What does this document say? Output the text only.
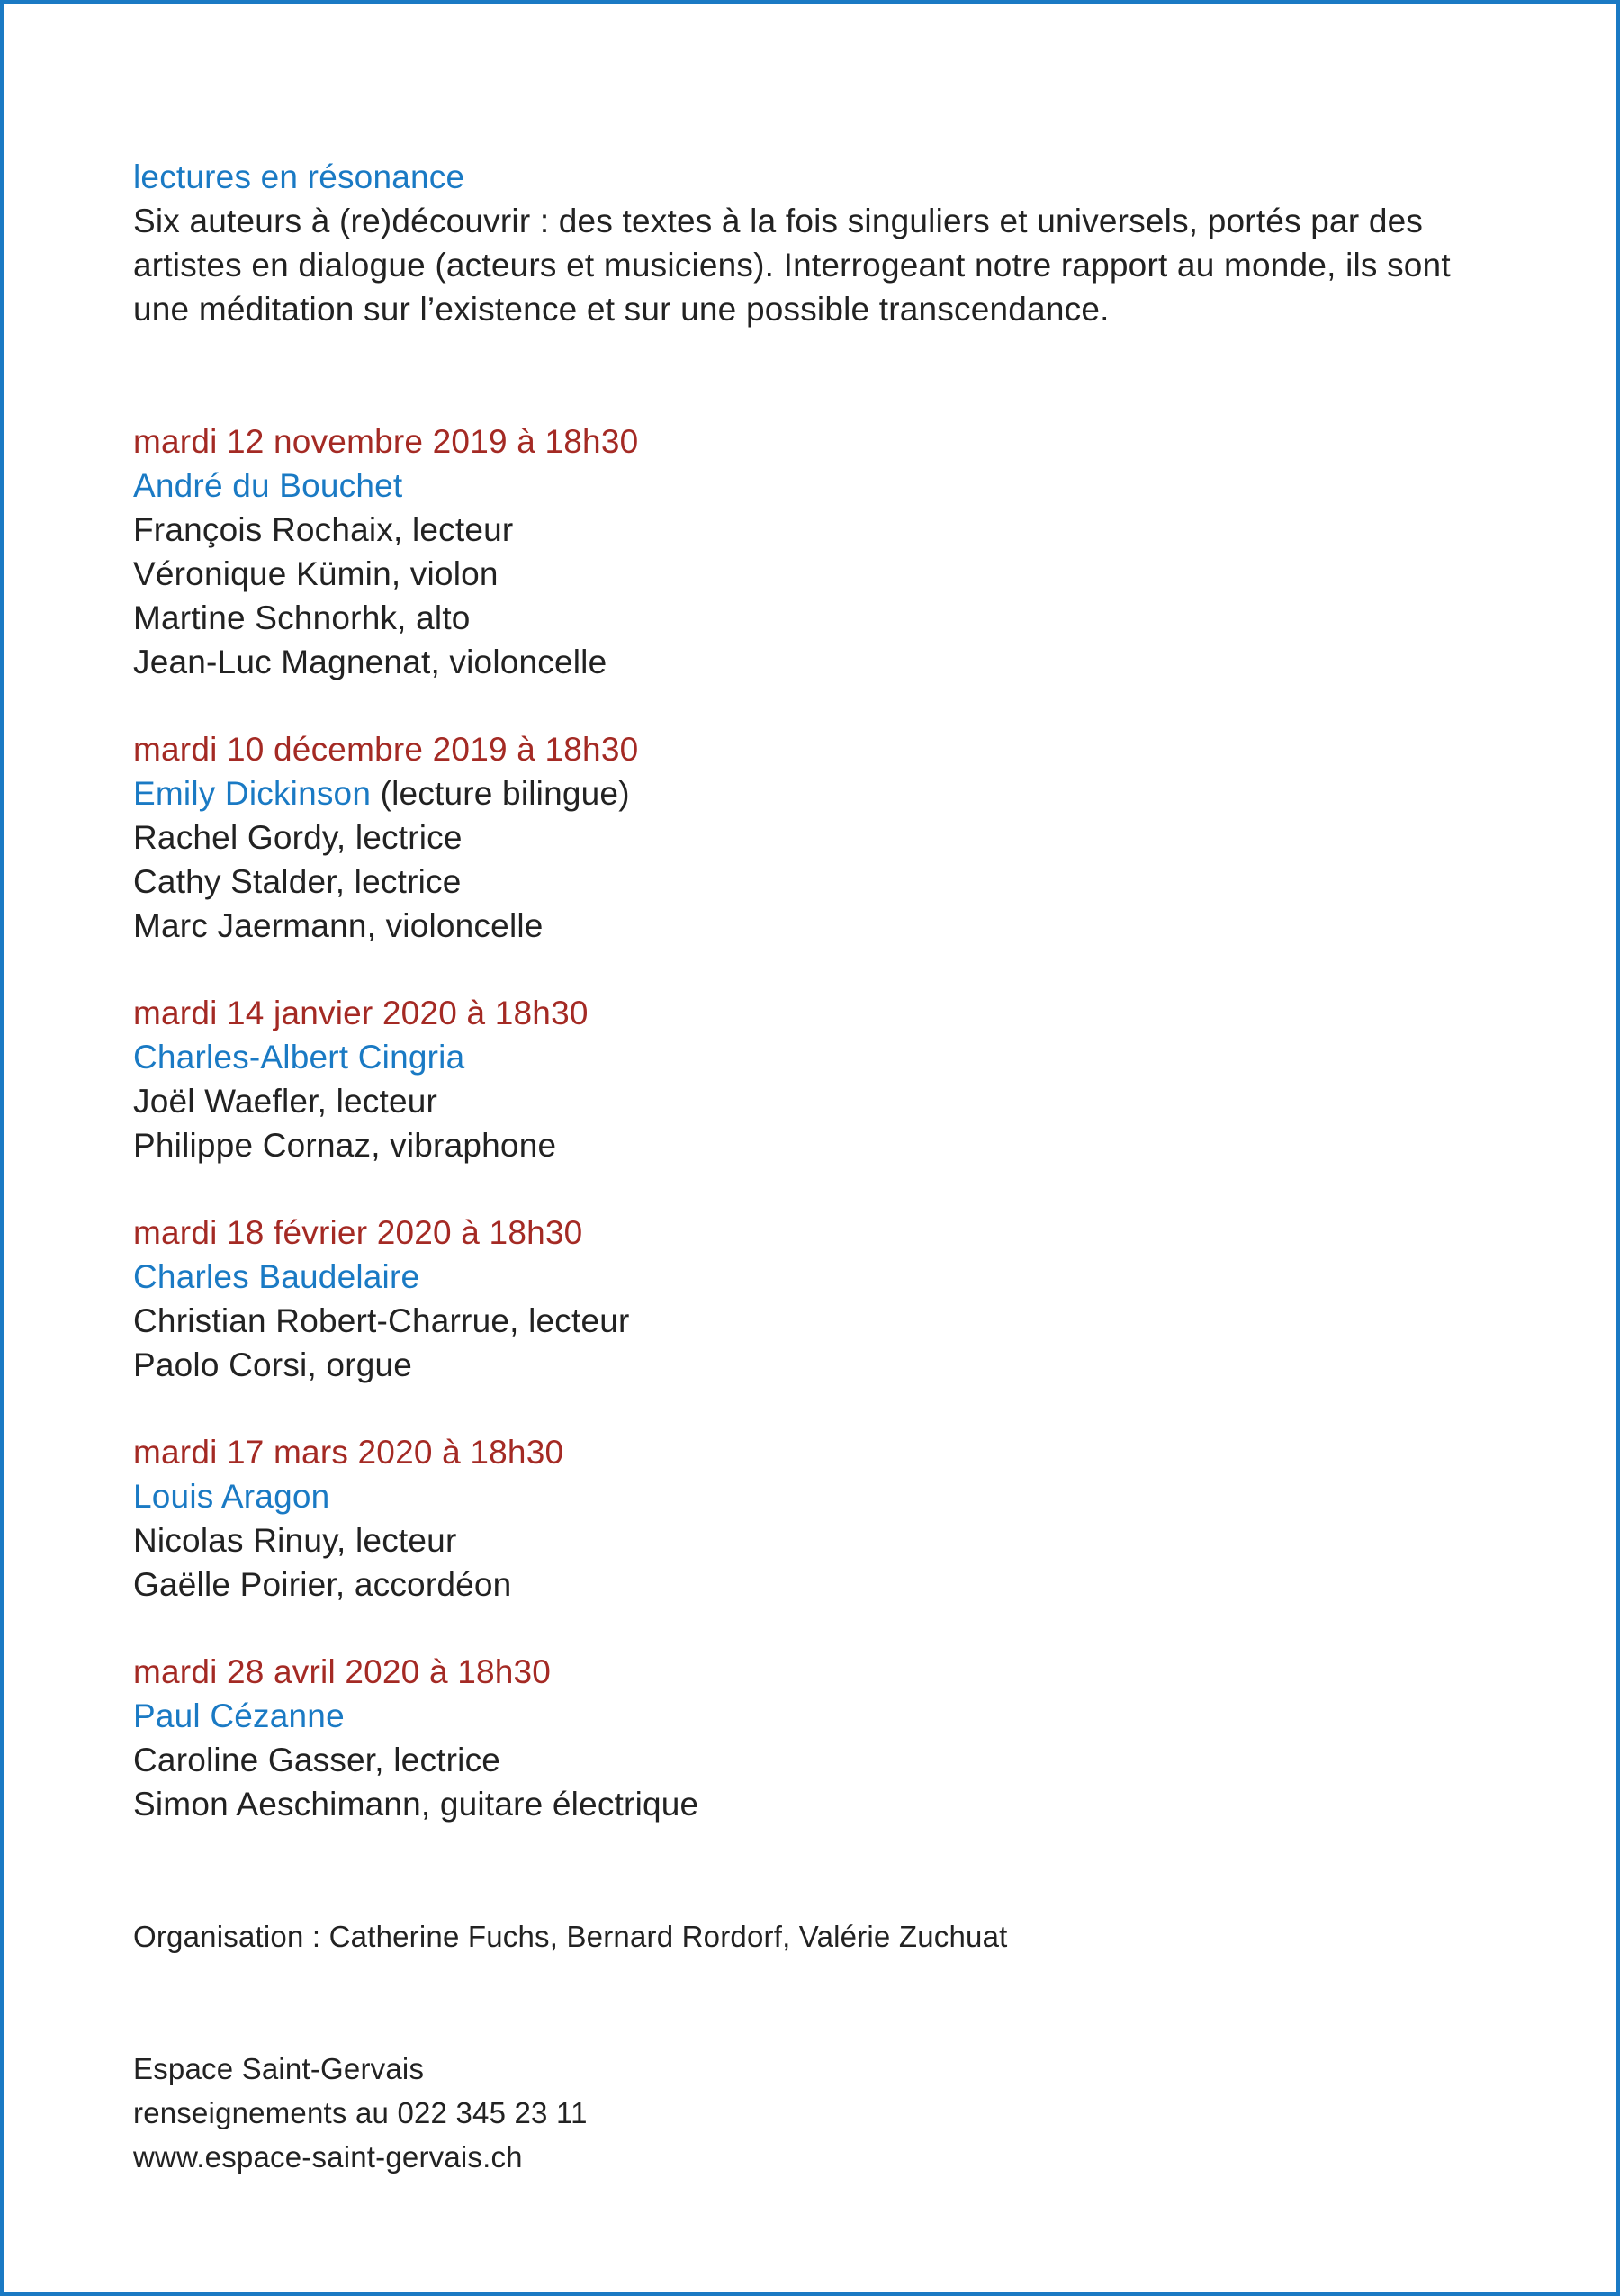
lectures en résonance
Six auteurs à (re)découvrir : des textes à la fois singuliers et universels, portés par des
artistes en dialogue (acteurs et musiciens). Interrogeant notre rapport au monde, ils sont
une méditation sur l’existence et sur une possible transcendance.
mardi 12 novembre 2019 à 18h30
André du Bouchet
François Rochaix, lecteur
Véronique Kümin, violon
Martine Schnorhk, alto
Jean-Luc Magnenat, violoncelle
mardi 10 décembre 2019 à 18h30
Emily Dickinson (lecture bilingue)
Rachel Gordy, lectrice
Cathy Stalder, lectrice
Marc Jaermann, violoncelle
mardi 14 janvier 2020 à 18h30
Charles-Albert Cingria
Joël Waefler, lecteur
Philippe Cornaz, vibraphone
mardi 18 février 2020 à 18h30
Charles Baudelaire
Christian Robert-Charrue, lecteur
Paolo Corsi, orgue
mardi 17 mars 2020 à 18h30
Louis Aragon
Nicolas Rinuy, lecteur
Gaëlle Poirier, accordéon
mardi 28 avril 2020 à 18h30
Paul Cézanne
Caroline Gasser, lectrice
Simon Aeschimann, guitare électrique
Organisation : Catherine Fuchs, Bernard Rordorf, Valérie Zuchuat
Espace Saint-Gervais
renseignements au 022 345 23 11
www.espace-saint-gervais.ch
